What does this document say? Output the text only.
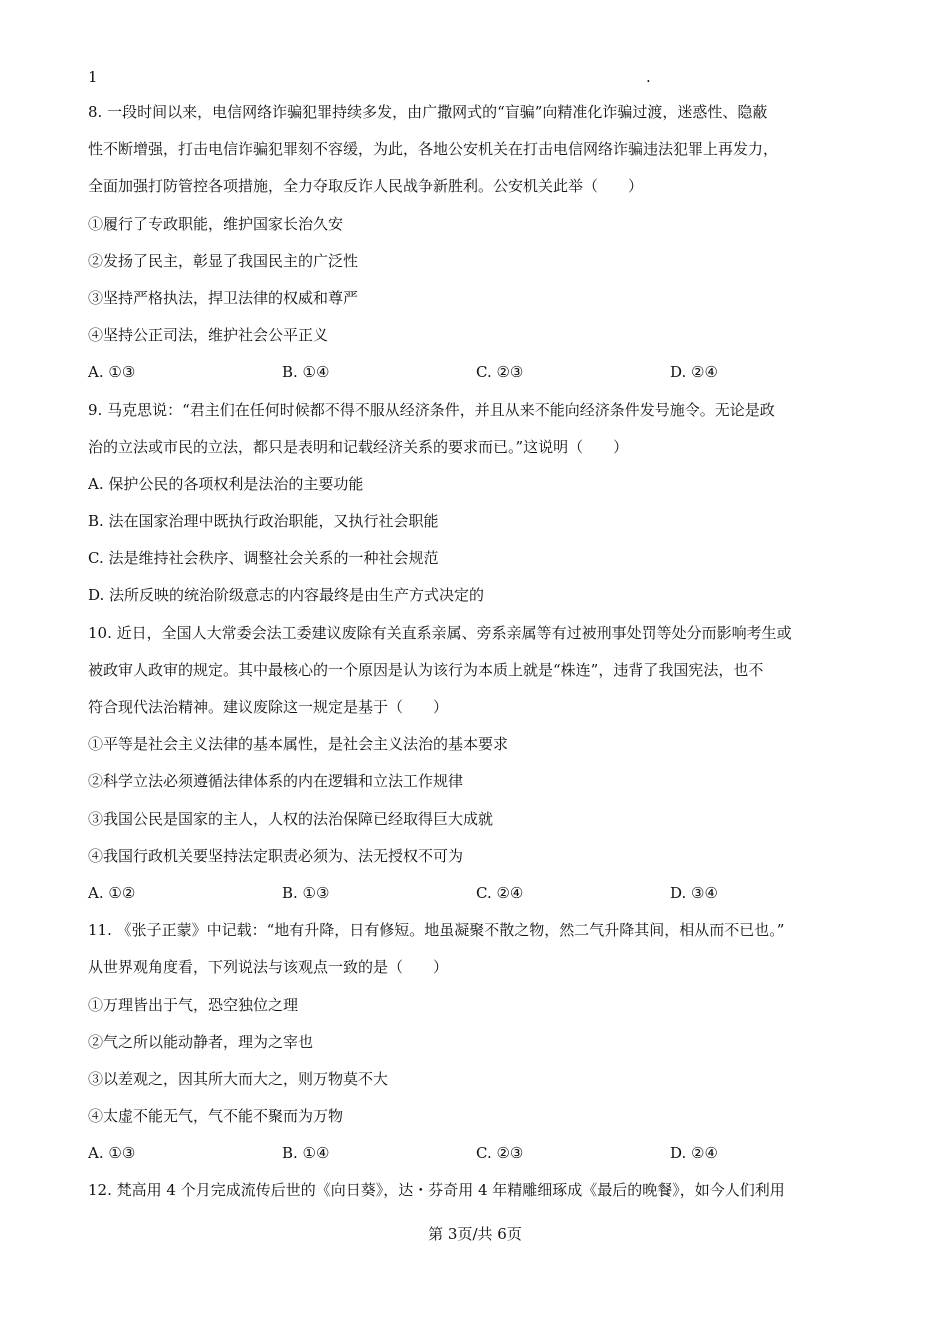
1	.
8. 一段时间以来，电信网络诈骗犯罪持续多发，由广撒网式的“盲骗”向精准化诈骗过渡，迷惑性、隐蔽
性不断增强，打击电信诈骗犯罪刻不容缓，为此，各地公安机关在打击电信网络诈骗违法犯罪上再发力，
全面加强打防管控各项措施，全力夺取反诈人民战争新胜利。公安机关此举（　　）
①履行了专政职能，维护国家长治久安
②发扬了民主，彰显了我国民主的广泛性
③坚持严格执法，捍卫法律的权威和尊严
④坚持公正司法，维护社会公平正义
A. ①③	B. ①④	C. ②③	D. ②④
9. 马克思说：“君主们在任何时候都不得不服从经济条件，并且从来不能向经济条件发号施令。无论是政
治的立法或市民的立法，都只是表明和记载经济关系的要求而已。”这说明（　　）
A. 保护公民的各项权利是法治的主要功能
B. 法在国家治理中既执行政治职能，又执行社会职能
C. 法是维持社会秩序、调整社会关系的一种社会规范
D. 法所反映的统治阶级意志的内容最终是由生产方式决定的
10. 近日，全国人大常委会法工委建议废除有关直系亲属、旁系亲属等有过被刑事处罚等处分而影响考生或
被政审人政审的规定。其中最核心的一个原因是认为该行为本质上就是“株连”，违背了我国宪法，也不
符合现代法治精神。建议废除这一规定是基于（　　）
①平等是社会主义法律的基本属性，是社会主义法治的基本要求
②科学立法必须遵循法律体系的内在逻辑和立法工作规律
③我国公民是国家的主人，人权的法治保障已经取得巨大成就
④我国行政机关要坚持法定职责必须为、法无授权不可为
A. ①②	B. ①③	C. ②④	D. ③④
11. 《张子正蒙》中记载：“地有升降，日有修短。地虽凝聚不散之物，然二气升降其间，相从而不已也。”
从世界观角度看，下列说法与该观点一致的是（　　）
①万理皆出于气，恐空独位之理
②气之所以能动静者，理为之宰也
③以差观之，因其所大而大之，则万物莫不大
④太虚不能无气，气不能不聚而为万物
A. ①③	B. ①④	C. ②③	D. ②④
12. 梵高用 4 个月完成流传后世的《向日葵》，达・芬奇用 4 年精雕细琢成《最后的晚餐》，如今人们利用
第 3页/共 6页
